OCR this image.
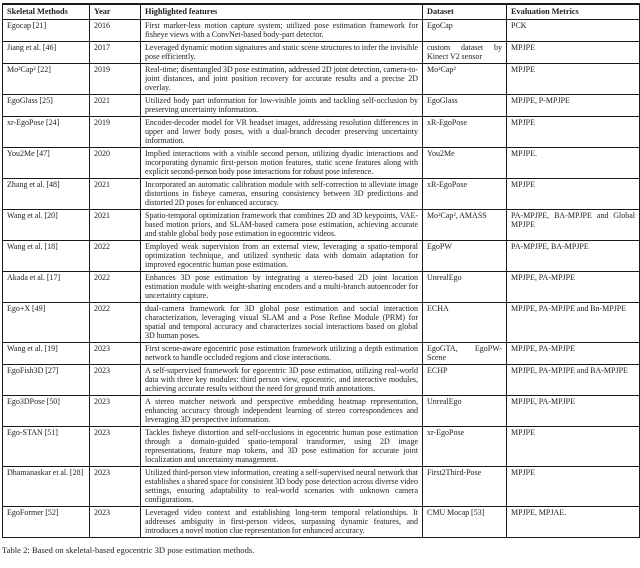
Skeletal Methods	Year	Highlighted features	Dataset	Evaluation Metrics
Egocap [21]	2016	First marker-less motion capture system; utilized pose estimation framework for fisheye views with a ConvNet-based body-part detector.	EgoCap	PCK
Jiang et al. [46]	2017	Leveraged dynamic motion signatures and static scene structures to infer the invisible pose efficiently.	custom dataset by Kinect V2 sensor	MPJPE
Mo²Cap² [22]	2019	Real-time; disentangled 3D pose estimation, addressed 2D joint detection, camera-to-joint distances, and joint position recovery for accurate results and a precise 2D overlay.	Mo²Cap²	MPJPE
EgoGlass [25]	2021	Utilized body part information for low-visible joints and tackling self-occlusion by preserving uncertainty information.	EgoGlass	MPJPE, P-MPJPE
xr-EgoPose [24]	2019	Encoder-decoder model for VR headset images, addressing resolution differences in upper and lower body poses, with a dual-branch decoder preserving uncertainty information.	xR-EgoPose	MPJPE
You2Me [47]	2020	Implied interactions with a visible second person, utilizing dyadic interactions and incorporating dynamic first-person motion features, static scene features along with explicit second-person body pose interactions for robust pose inference.	You2Me	MPJPE.
Zhang et al. [48]	2021	Incorporated an automatic calibration module with self-correction to alleviate image distortions in fisheye cameras, ensuring consistency between 3D predictions and distorted 2D poses for enhanced accuracy.	xR-EgoPose	MPJPE
Wang et al. [20]	2021	Spatio-temporal optimization framework that combines 2D and 3D keypoints, VAE-based motion priors, and SLAM-based camera pose estimation, achieving accurate and stable global body pose estimation in egocentric videos.	Mo²Cap², AMASS	PA-MPJPE, BA-MPJPE and Global MPJPE
Wang et al. [18]	2022	Employed weak supervision from an external view, leveraging a spatio-temporal optimization technique, and utilized synthetic data with domain adaptation for improved egocentric human pose estimation.	EgoPW	PA-MPJPE, BA-MPJPE
Akada et al. [17]	2022	Enhances 3D pose estimation by integrating a stereo-based 2D joint location estimation module with weight-sharing encoders and a multi-branch autoencoder for uncertainty capture.	UnrealEgo	MPJPE, PA-MPJPE
Ego+X [49]	2022	dual-camera framework for 3D global pose estimation and social interaction characterization, leveraging visual SLAM and a Pose Refine Module (PRM) for spatial and temporal accuracy and characterizes social interactions based on global 3D human poses.	ECHA	MPJPE, PA-MPJPE and Bn-MPJPE
Wang et al. [19]	2023	First scene-aware egocentric pose estimation framework utilizing a depth estimation network to handle occluded regions and close interactions.	EgoGTA, EgoPW-Scene	MPJPE, PA-MPJPE
EgoFish3D [27]	2023	A self-supervised framework for egocentric 3D pose estimation, utilizing real-world data with three key modules: third person view, egocentric, and interactive modules, achieving accurate results without the need for ground truth annotations.	ECHP	MPJPE, PA-MPJPE and BA-MPJPE
Ego3DPose [50]	2023	A stereo matcher network and perspective embedding heatmap representation, enhancing accuracy through independent learning of stereo correspondences and leveraging 3D perspective information.	UnrealEgo	MPJPE, PA-MPJPE
Ego-STAN [51]	2023	Tackles fisheye distortion and self-occlusions in egocentric human pose estimation through a domain-guided spatio-temporal transformer, using 2D image representations, feature map tokens, and 3D pose estimation for accurate joint localization and uncertainty management.	xr-EgoPose	MPJPE
Dhamanaskar et al. [28]	2023	Utilized third-person view information, creating a self-supervised neural network that establishes a shared space for consistent 3D body pose detection across diverse video settings, ensuring adaptability to real-world scenarios with unknown camera configurations.	First2Third-Pose	MPJPE
EgoFormer [52]	2023	Leveraged video context and establishing long-term temporal relationships. It addresses ambiguity in first-person videos, surpassing dynamic features, and introduces a novel motion clue representation for enhanced accuracy.	CMU Mocap [53]	MPJPE, MPJAE.
Table 2: Based on skeletal-based egocentric 3D pose estimation methods.
